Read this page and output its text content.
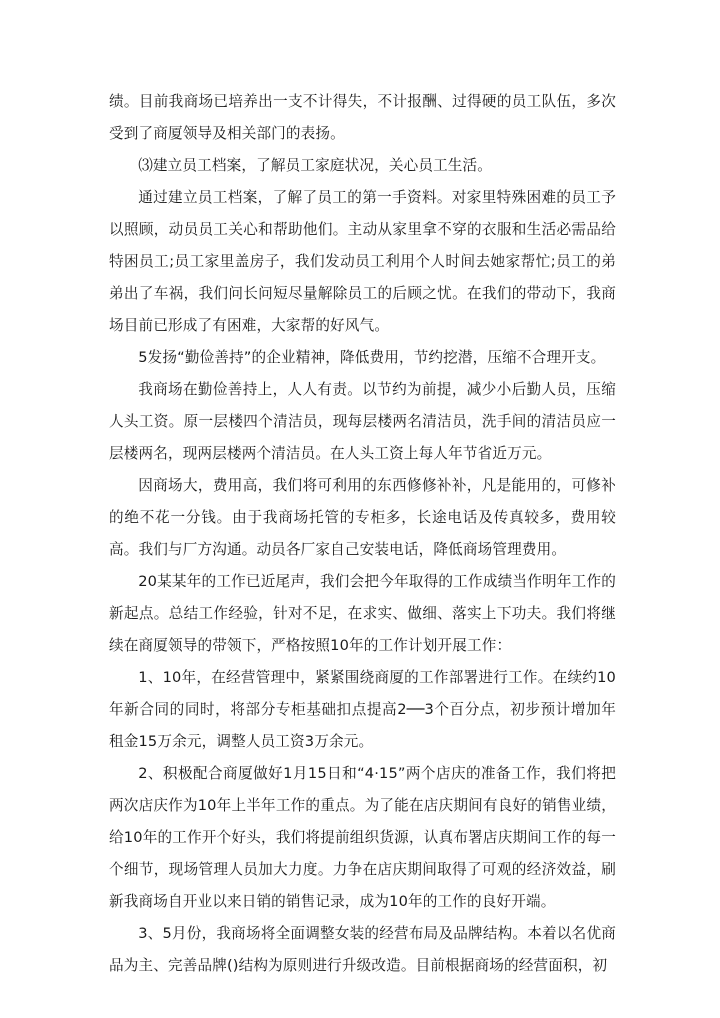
绩。目前我商场已培养出一支不计得失，不计报酬、过得硬的员工队伍，多次受到了商厦领导及相关部门的表扬。

⑶建立员工档案，了解员工家庭状况，关心员工生活。

通过建立员工档案，了解了员工的第一手资料。对家里特殊困难的员工予以照顾，动员员工关心和帮助他们。主动从家里拿不穿的衣服和生活必需品给特困员工;员工家里盖房子，我们发动员工利用个人时间去她家帮忙;员工的弟弟出了车祸，我们问长问短尽量解除员工的后顾之忧。在我们的带动下，我商场目前已形成了有困难，大家帮的好风气。

5发扬“勤俭善持”的企业精神，降低费用，节约挖潜，压缩不合理开支。

我商场在勤俭善持上，人人有责。以节约为前提，减少小后勤人员，压缩人头工资。原一层楼四个清洁员，现每层楼两名清洁员，洗手间的清洁员应一层楼两名，现两层楼两个清洁员。在人头工资上每人年节省近万元。

因商场大，费用高，我们将可利用的东西修修补补，凡是能用的，可修补的绝不花一分钱。由于我商场托管的专柜多，长途电话及传真较多，费用较高。我们与厂方沟通。动员各厂家自己安装电话，降低商场管理费用。

20某某年的工作已近尾声，我们会把今年取得的工作成绩当作明年工作的新起点。总结工作经验，针对不足，在求实、做细、落实上下功夫。我们将继续在商厦领导的带领下，严格按照10年的工作计划开展工作：

1、10年，在经营管理中，紧紧围绕商厦的工作部署进行工作。在续约10年新合同的同时，将部分专柜基础扣点提高2──3个百分点，初步预计增加年租金15万余元，调整人员工资3万余元。

2、积极配合商厦做好1月15日和“4·15”两个店庆的准备工作，我们将把两次店庆作为10年上半年工作的重点。为了能在店庆期间有良好的销售业绩，给10年的工作开个好头，我们将提前组织货源，认真布署店庆期间工作的每一个细节，现场管理人员加大力度。力争在店庆期间取得了可观的经济效益，刷新我商场自开业以来日销的销售记录，成为10年的工作的良好开端。

3、5月份，我商场将全面调整女装的经营布局及品牌结构。本着以名优商品为主、完善品牌()结构为原则进行升级改造。目前根据商场的经营面积，初
